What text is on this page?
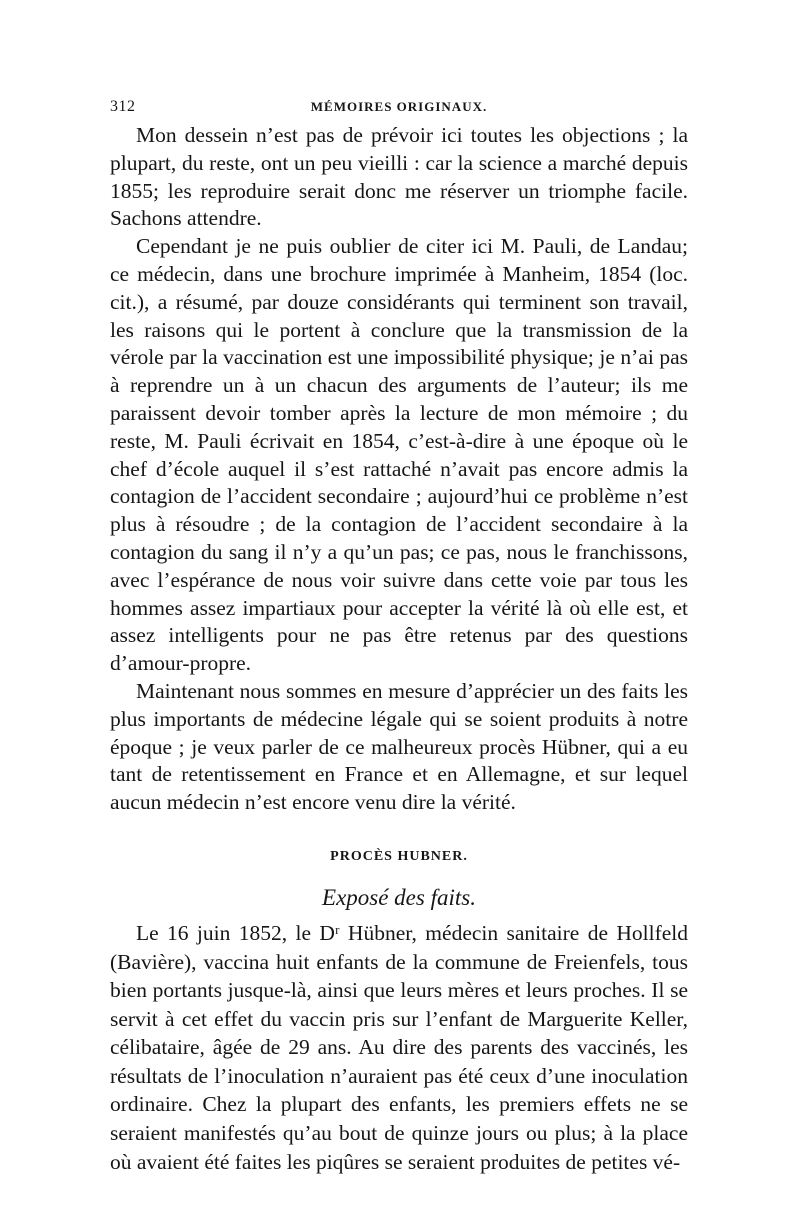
312	MÉMOIRES ORIGINAUX.

Mon dessein n’est pas de prévoir ici toutes les objections ; la plupart, du reste, ont un peu vieilli : car la science a marché depuis 1855; les reproduire serait donc me réserver un triomphe facile. Sachons attendre.

Cependant je ne puis oublier de citer ici M. Pauli, de Landau; ce médecin, dans une brochure imprimée à Manheim, 1854 (loc. cit.), a résumé, par douze considérants qui terminent son travail, les raisons qui le portent à conclure que la transmission de la vérole par la vaccination est une impossibilité physique; je n’ai pas à reprendre un à un chacun des arguments de l’auteur; ils me paraissent devoir tomber après la lecture de mon mémoire ; du reste, M. Pauli écrivait en 1854, c’est-à-dire à une époque où le chef d’école auquel il s’est rattaché n’avait pas encore admis la contagion de l’accident secondaire ; aujourd’hui ce problème n’est plus à résoudre ; de la contagion de l’accident secondaire à la contagion du sang il n’y a qu’un pas; ce pas, nous le franchissons, avec l’espérance de nous voir suivre dans cette voie par tous les hommes assez impartiaux pour accepter la vérité là où elle est, et assez intelligents pour ne pas être retenus par des questions d’amour-propre.

Maintenant nous sommes en mesure d’apprécier un des faits les plus importants de médecine légale qui se soient produits à notre époque ; je veux parler de ce malheureux procès Hübner, qui a eu tant de retentissement en France et en Allemagne, et sur lequel aucun médecin n’est encore venu dire la vérité.

PROCÈS HUBNER.
Exposé des faits.

Le 16 juin 1852, le Dʳ Hübner, médecin sanitaire de Hollfeld (Bavière), vaccina huit enfants de la commune de Freienfels, tous bien portants jusque-là, ainsi que leurs mères et leurs proches. Il se servit à cet effet du vaccin pris sur l’enfant de Marguerite Keller, célibataire, âgée de 29 ans. Au dire des parents des vaccinés, les résultats de l’inoculation n’auraient pas été ceux d’une inoculation ordinaire. Chez la plupart des enfants, les premiers effets ne se seraient manifestés qu’au bout de quinze jours ou plus; à la place où avaient été faites les piqûres se seraient produites de petites vé-
